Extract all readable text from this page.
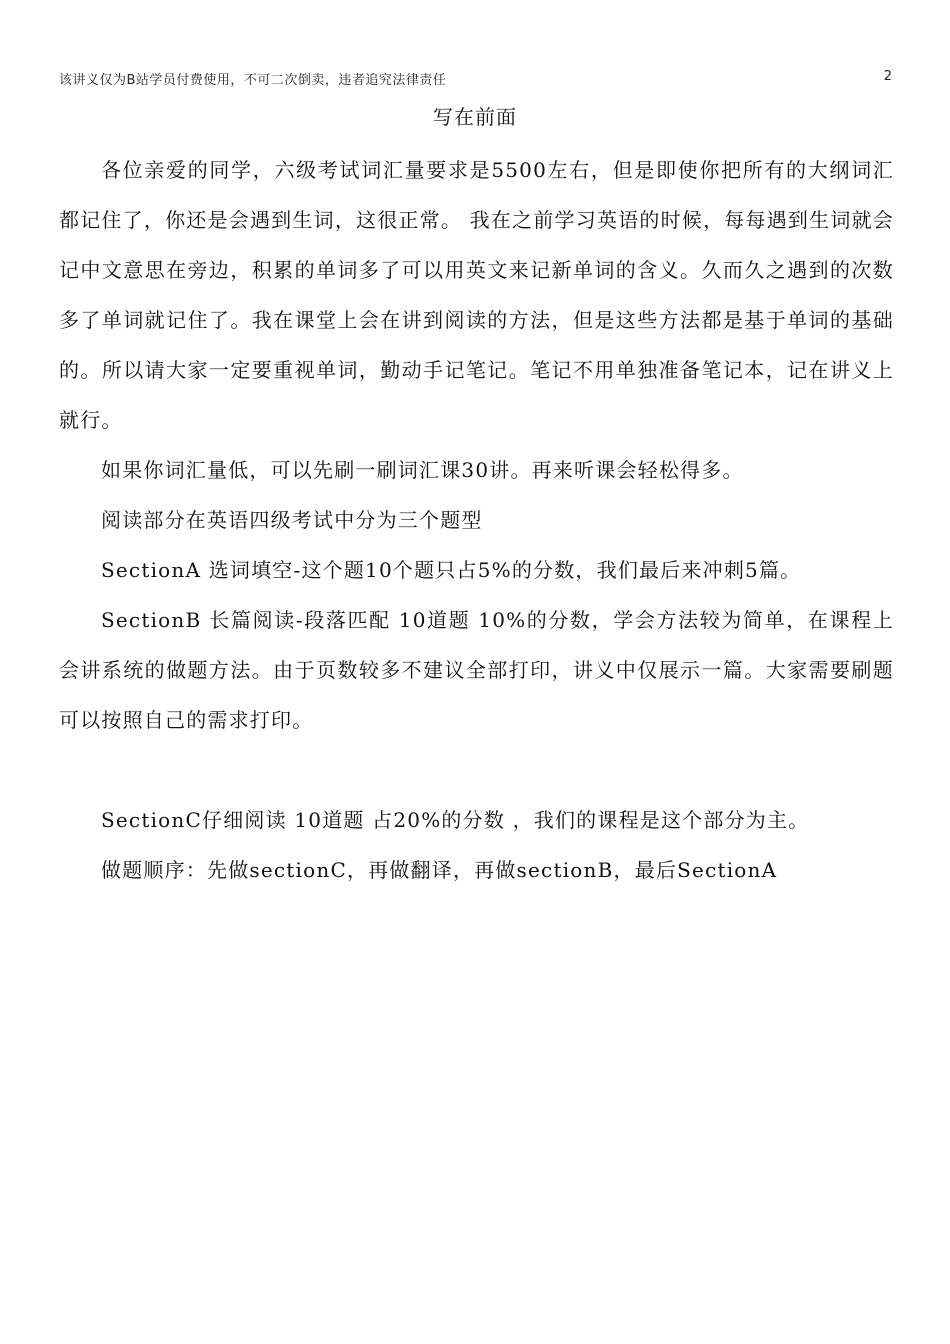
该讲义仅为B站学员付费使用，不可二次倒卖，违者追究法律责任	2
写在前面

各位亲爱的同学，六级考试词汇量要求是5500左右，但是即使你把所有的大纲词汇都记住了，你还是会遇到生词，这很正常。 我在之前学习英语的时候，每每遇到生词就会记中文意思在旁边，积累的单词多了可以用英文来记新单词的含义。久而久之遇到的次数多了单词就记住了。我在课堂上会在讲到阅读的方法，但是这些方法都是基于单词的基础的。所以请大家一定要重视单词，勤动手记笔记。笔记不用单独准备笔记本，记在讲义上就行。

如果你词汇量低，可以先刷一刷词汇课30讲。再来听课会轻松得多。

阅读部分在英语四级考试中分为三个题型

SectionA 选词填空-这个题10个题只占5%的分数，我们最后来冲刺5篇。

SectionB 长篇阅读-段落匹配 10道题 10%的分数，学会方法较为简单，在课程上会讲系统的做题方法。由于页数较多不建议全部打印，讲义中仅展示一篇。大家需要刷题可以按照自己的需求打印。

SectionC仔细阅读 10道题 占20%的分数 ，我们的课程是这个部分为主。

做题顺序：先做sectionC，再做翻译，再做sectionB，最后SectionA
